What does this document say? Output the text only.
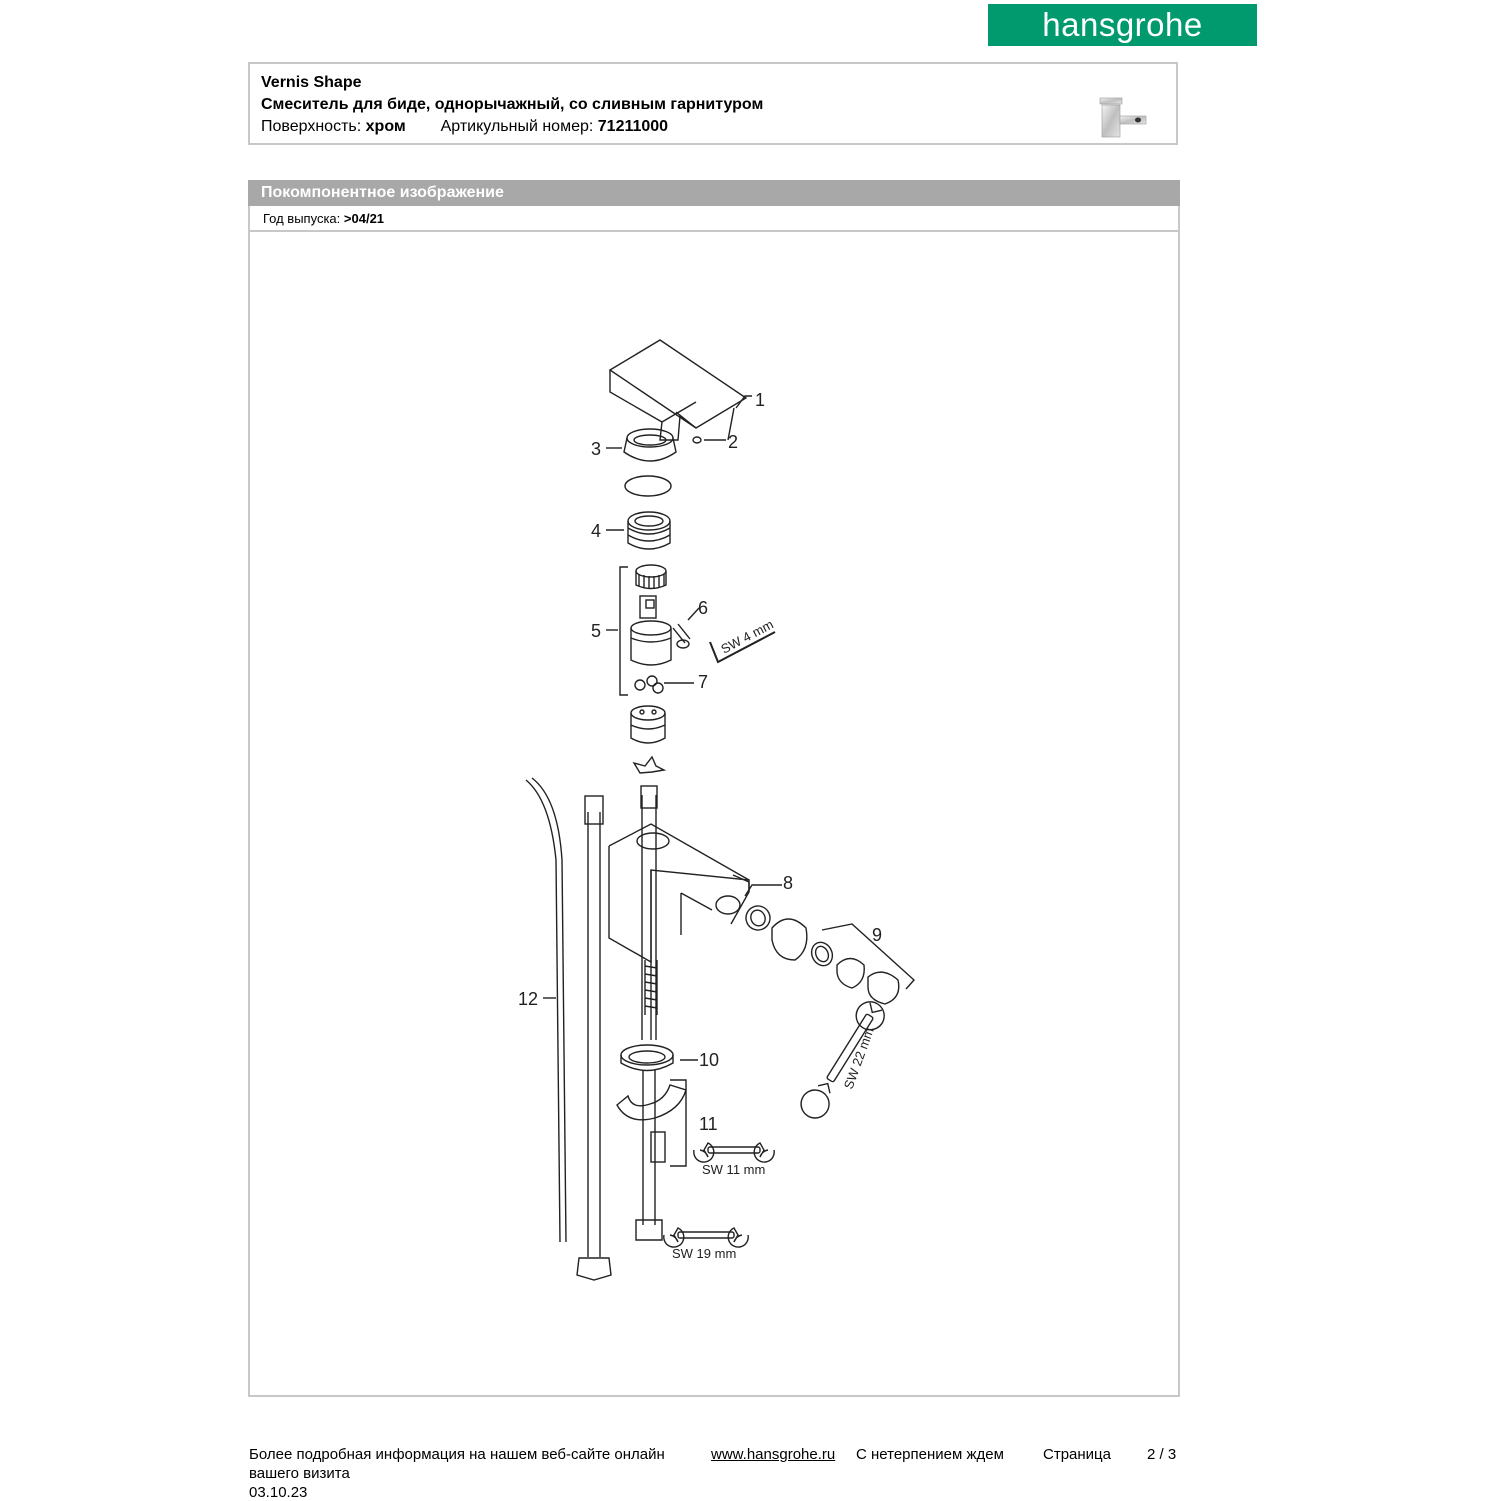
hansgrohe
Vernis Shape
Смеситель для биде, однорычажный, со сливным гарнитуром
Поверхность: хром Артикульный номер: 71211000
Покомпонентное изображение
Год выпуска: >04/21
1
2
3
4
5
6
7
8
9
10
11
12
SW 4 mm
SW 22 mm
SW 11 mm
SW 19 mm
Более подробная информация на нашем веб-сайте онлайн	www.hansgrohe.ru С нетерпением ждем	Страница 2 / 3
вашего визита
03.10.23
